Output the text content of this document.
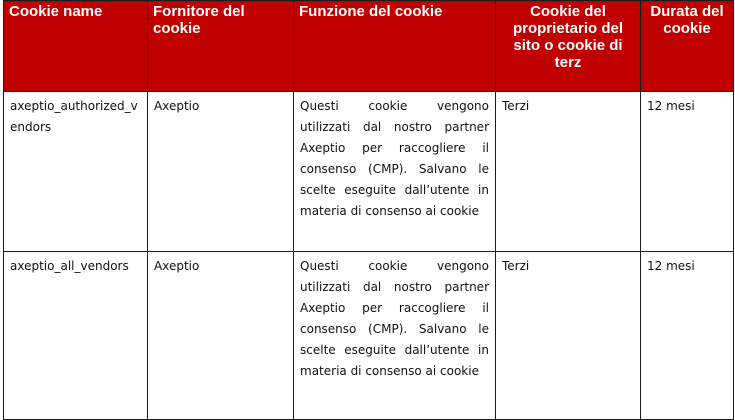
Cookie name	Fornitore del cookie	Funzione del cookie	Cookie del proprietario del sito o cookie di terz	Durata del cookie
axeptio_authorized_vendors	Axeptio	Questi cookie vengono utilizzati dal nostro partner Axeptio per raccogliere il consenso (CMP). Salvano le scelte eseguite dall’utente in materia di consenso ai cookie	Terzi	12 mesi
axeptio_all_vendors	Axeptio	Questi cookie vengono utilizzati dal nostro partner Axeptio per raccogliere il consenso (CMP). Salvano le scelte eseguite dall’utente in materia di consenso ai cookie	Terzi	12 mesi
